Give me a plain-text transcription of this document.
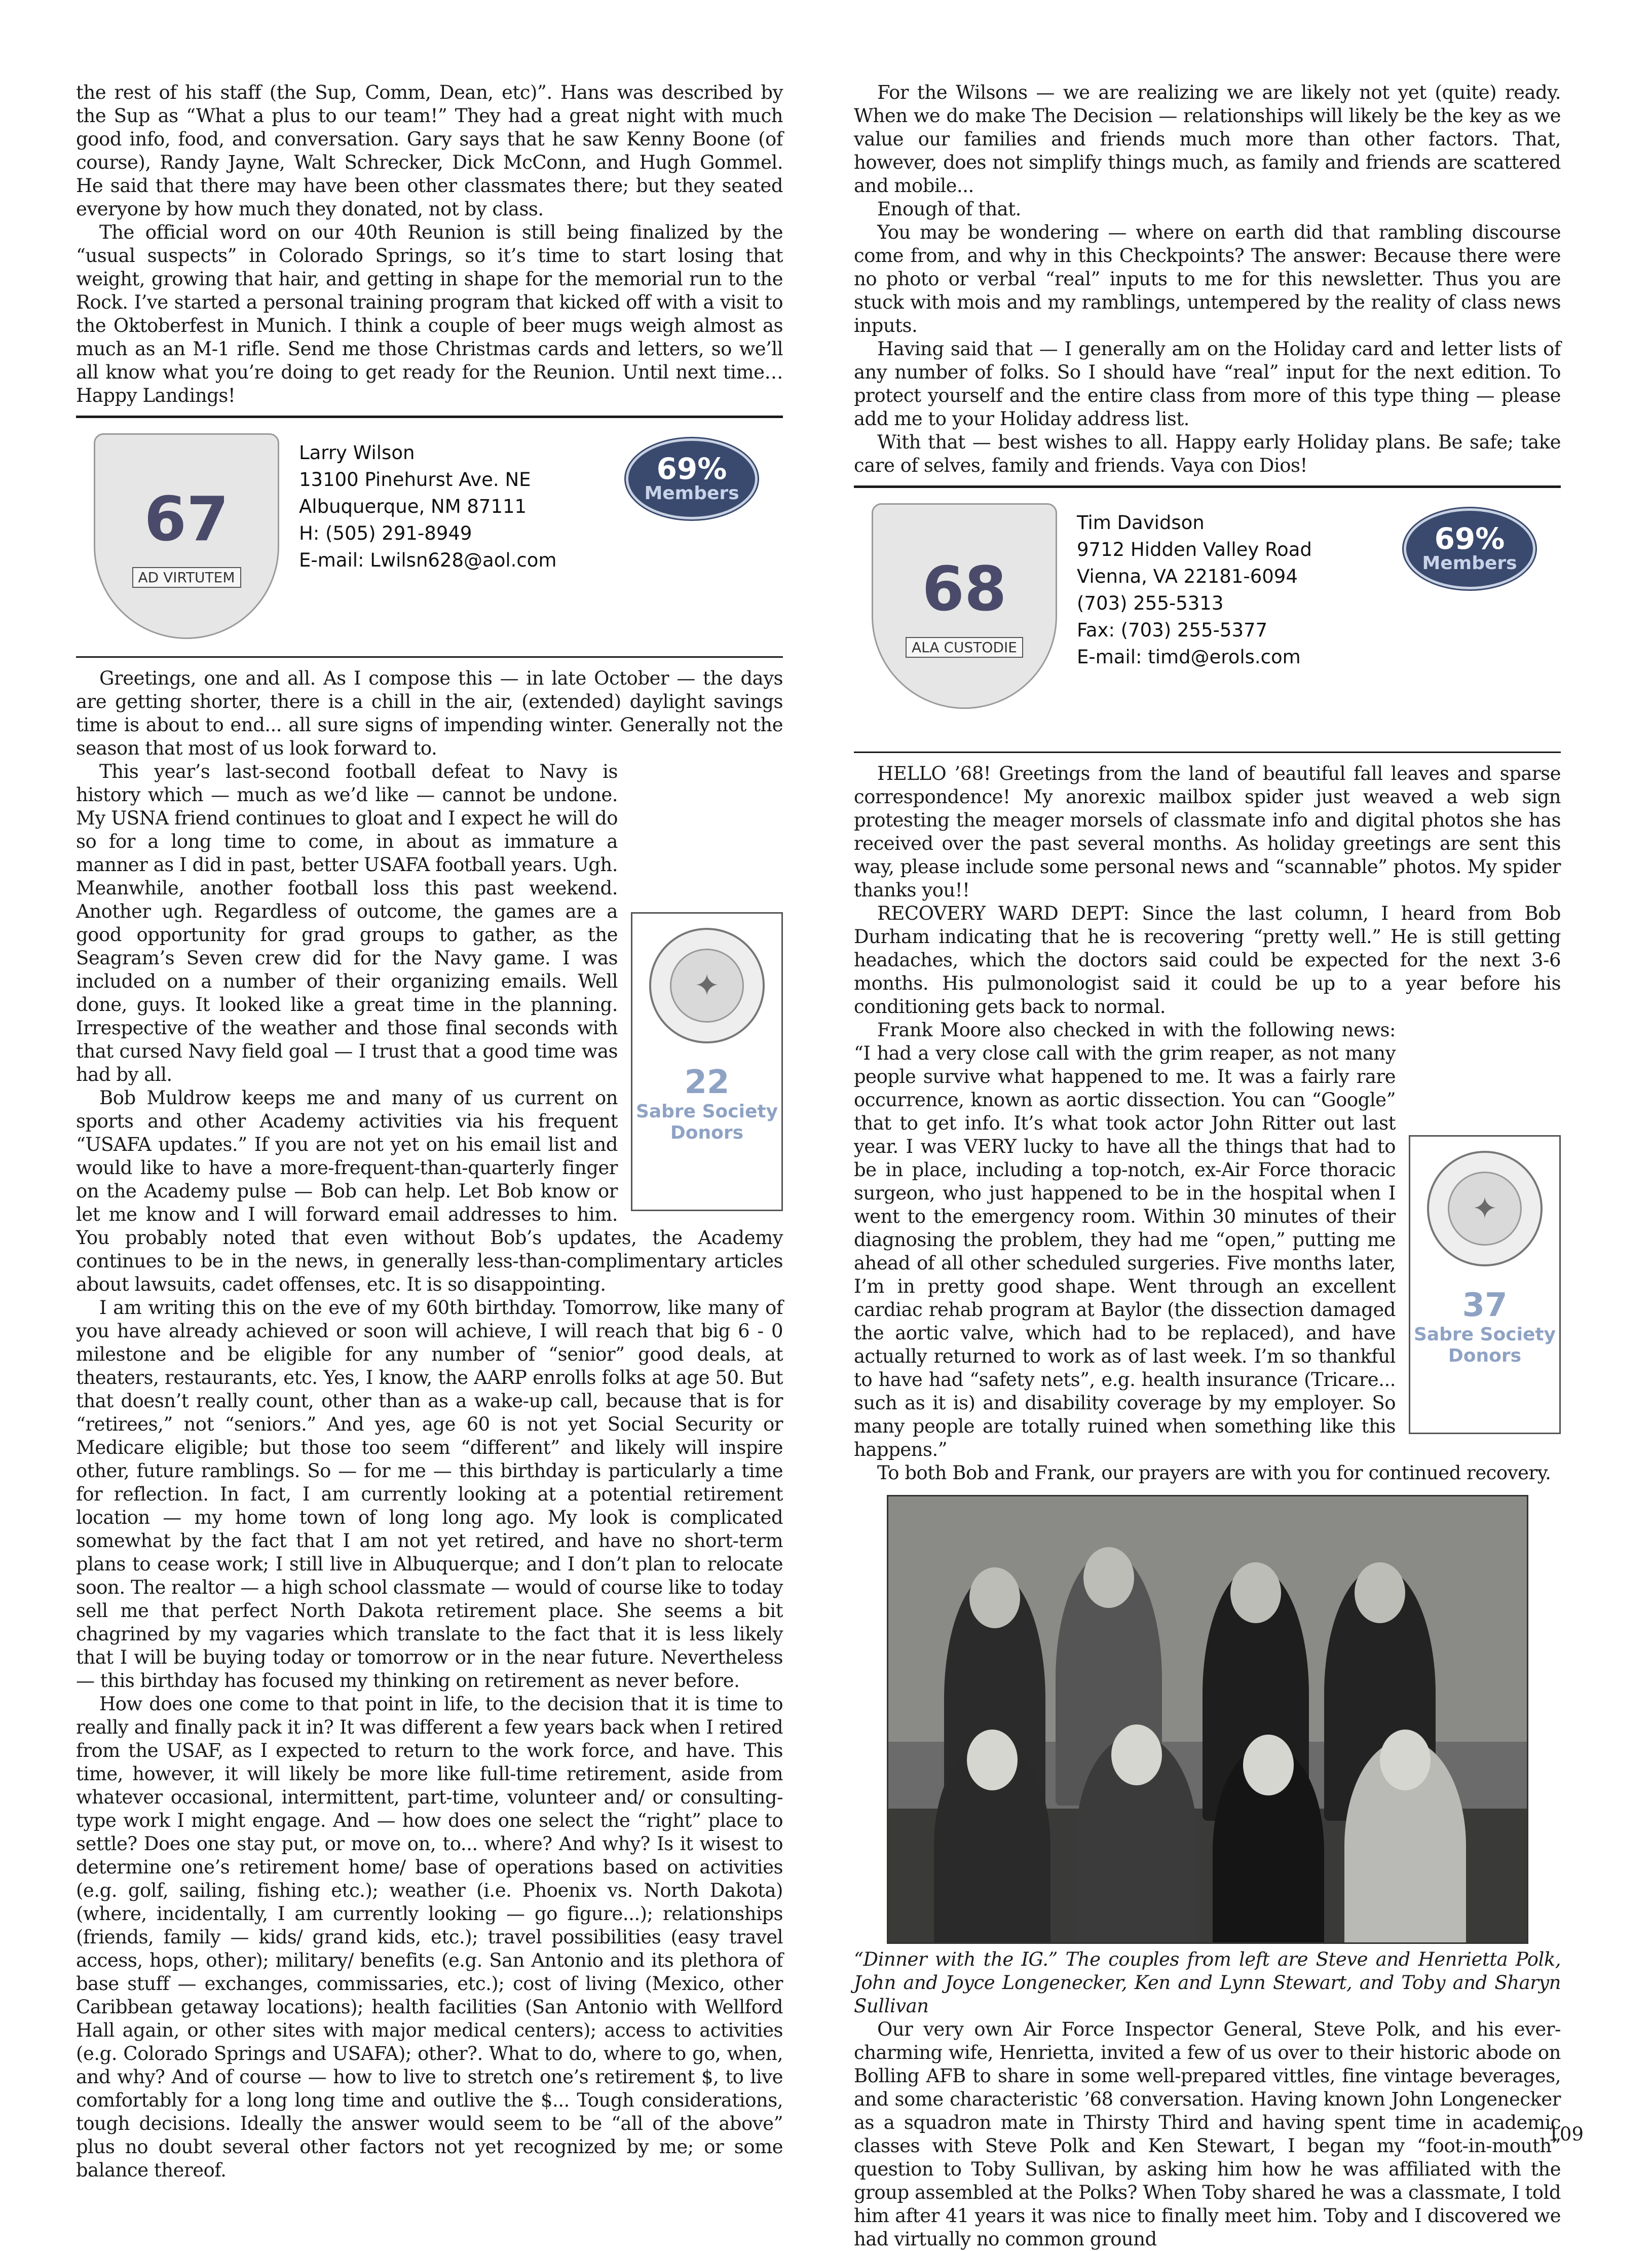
the rest of his staff (the Sup, Comm, Dean, etc)”. Hans was described by the Sup as “What a plus to our team!” They had a great night with much good info, food, and conversation. Gary says that he saw Kenny Boone (of course), Randy Jayne, Walt Schrecker, Dick McConn, and Hugh Gommel. He said that there may have been other classmates there; but they seated everyone by how much they donated, not by class.

The official word on our 40th Reunion is still being finalized by the “usual suspects” in Colorado Springs, so it’s time to start losing that weight, growing that hair, and getting in shape for the memorial run to the Rock. I’ve started a personal training program that kicked off with a visit to the Oktoberfest in Munich. I think a couple of beer mugs weigh almost as much as an M-1 rifle. Send me those Christmas cards and letters, so we’ll all know what you’re doing to get ready for the Reunion. Until next time… Happy Landings!

67
AD VIRTUTEM
Larry Wilson
13100 Pinehurst Ave. NE
Albuquerque, NM 87111
H: (505) 291-8949
E-mail: Lwilsn628@aol.com
69%
Members

Greetings, one and all. As I compose this — in late October — the days are getting shorter, there is a chill in the air, (extended) daylight savings time is about to end... all sure signs of impending winter. Generally not the season that most of us look forward to.

✦
22
Sabre Society
Donors

This year’s last-second football defeat to Navy is history which — much as we’d like — cannot be undone. My USNA friend continues to gloat and I expect he will do so for a long time to come, in about as immature a manner as I did in past, better USAFA football years. Ugh. Meanwhile, another football loss this past weekend. Another ugh. Regardless of outcome, the games are a good opportunity for grad groups to gather, as the Seagram’s Seven crew did for the Navy game. I was included on a number of their organizing emails. Well done, guys. It looked like a great time in the planning. Irrespective of the weather and those final seconds with that cursed Navy field goal — I trust that a good time was had by all.

Bob Muldrow keeps me and many of us current on sports and other Academy activities via his frequent “USAFA updates.” If you are not yet on his email list and would like to have a more-frequent-than-quarterly finger on the Academy pulse — Bob can help. Let Bob know or let me know and I will forward email addresses to him. You probably noted that even without Bob’s updates, the Academy continues to be in the news, in generally less-than-complimentary articles about lawsuits, cadet offenses, etc. It is so disappointing.

I am writing this on the eve of my 60th birthday. Tomorrow, like many of you have already achieved or soon will achieve, I will reach that big 6 - 0 milestone and be eligible for any number of “senior” good deals, at theaters, restaurants, etc. Yes, I know, the AARP enrolls folks at age 50. But that doesn’t really count, other than as a wake-up call, because that is for “retirees,” not “seniors.” And yes, age 60 is not yet Social Security or Medicare eligible; but those too seem “different” and likely will inspire other, future ramblings. So — for me — this birthday is particularly a time for reflection. In fact, I am currently looking at a potential retirement location — my home town of long long ago. My look is complicated somewhat by the fact that I am not yet retired, and have no short-term plans to cease work; I still live in Albuquerque; and I don’t plan to relocate soon. The realtor — a high school classmate — would of course like to today sell me that perfect North Dakota retirement place. She seems a bit chagrined by my vagaries which translate to the fact that it is less likely that I will be buying today or tomorrow or in the near future. Nevertheless — this birthday has focused my thinking on retirement as never before.

How does one come to that point in life, to the decision that it is time to really and finally pack it in? It was different a few years back when I retired from the USAF, as I expected to return to the work force, and have. This time, however, it will likely be more like full-time retirement, aside from whatever occasional, intermittent, part-time, volunteer and/ or consulting-type work I might engage. And — how does one select the “right” place to settle? Does one stay put, or move on, to... where? And why? Is it wisest to determine one’s retirement home/ base of operations based on activities (e.g. golf, sailing, fishing etc.); weather (i.e. Phoenix vs. North Dakota) (where, incidentally, I am currently looking — go figure...); relationships (friends, family — kids/ grand kids, etc.); travel possibilities (easy travel access, hops, other); military/ benefits (e.g. San Antonio and its plethora of base stuff — exchanges, commissaries, etc.); cost of living (Mexico, other Caribbean getaway locations); health facilities (San Antonio with Wellford Hall again, or other sites with major medical centers); access to activities (e.g. Colorado Springs and USAFA); other?. What to do, where to go, when, and why? And of course — how to live to stretch one’s retirement $, to live comfortably for a long long time and outlive the $... Tough considerations, tough decisions. Ideally the answer would seem to be “all of the above” plus no doubt several other factors not yet recognized by me; or some balance thereof.

For the Wilsons — we are realizing we are likely not yet (quite) ready. When we do make The Decision — relationships will likely be the key as we value our families and friends much more than other factors. That, however, does not simplify things much, as family and friends are scattered and mobile...

Enough of that.

You may be wondering — where on earth did that rambling discourse come from, and why in this Checkpoints? The answer: Because there were no photo or verbal “real” inputs to me for this newsletter. Thus you are stuck with mois and my ramblings, untempered by the reality of class news inputs.

Having said that — I generally am on the Holiday card and letter lists of any number of folks. So I should have “real” input for the next edition. To protect yourself and the entire class from more of this type thing — please add me to your Holiday address list.

With that — best wishes to all. Happy early Holiday plans. Be safe; take care of selves, family and friends. Vaya con Dios!

68
ALA CUSTODIE
Tim Davidson
9712 Hidden Valley Road
Vienna, VA 22181-6094
(703) 255-5313
Fax: (703) 255-5377
E-mail: timd@erols.com
69%
Members

HELLO ’68! Greetings from the land of beautiful fall leaves and sparse correspondence! My anorexic mailbox spider just weaved a web sign protesting the meager morsels of classmate info and digital photos she has received over the past several months. As holiday greetings are sent this way, please include some personal news and “scannable” photos. My spider thanks you!!

RECOVERY WARD DEPT: Since the last column, I heard from Bob Durham indicating that he is recovering “pretty well.” He is still getting headaches, which the doctors said could be expected for the next 3-6 months. His pulmonologist said it could be up to a year before his conditioning gets back to normal.

✦
37
Sabre Society
Donors

Frank Moore also checked in with the following news: “I had a very close call with the grim reaper, as not many people survive what happened to me. It was a fairly rare occurrence, known as aortic dissection. You can “Google” that to get info. It’s what took actor John Ritter out last year. I was VERY lucky to have all the things that had to be in place, including a top-notch, ex-Air Force thoracic surgeon, who just happened to be in the hospital when I went to the emergency room. Within 30 minutes of their diagnosing the problem, they had me “open,” putting me ahead of all other scheduled surgeries. Five months later, I’m in pretty good shape. Went through an excellent cardiac rehab program at Baylor (the dissection damaged the aortic valve, which had to be replaced), and have actually returned to work as of last week. I’m so thankful to have had “safety nets”, e.g. health insurance (Tricare... such as it is) and disability coverage by my employer. So many people are totally ruined when something like this happens.”

To both Bob and Frank, our prayers are with you for continued recovery.

“Dinner with the IG.” The couples from left are Steve and Henrietta Polk, John and Joyce Longenecker, Ken and Lynn Stewart, and Toby and Sharyn Sullivan

Our very own Air Force Inspector General, Steve Polk, and his ever-charming wife, Henrietta, invited a few of us over to their historic abode on Bolling AFB to share in some well-prepared vittles, fine vintage beverages, and some characteristic ’68 conversation. Having known John Longenecker as a squadron mate in Thirsty Third and having spent time in academic classes with Steve Polk and Ken Stewart, I began my “foot-in-mouth” question to Toby Sullivan, by asking him how he was affiliated with the group assembled at the Polks? When Toby shared he was a classmate, I told him after 41 years it was nice to finally meet him. Toby and I discovered we had virtually no common ground

109
